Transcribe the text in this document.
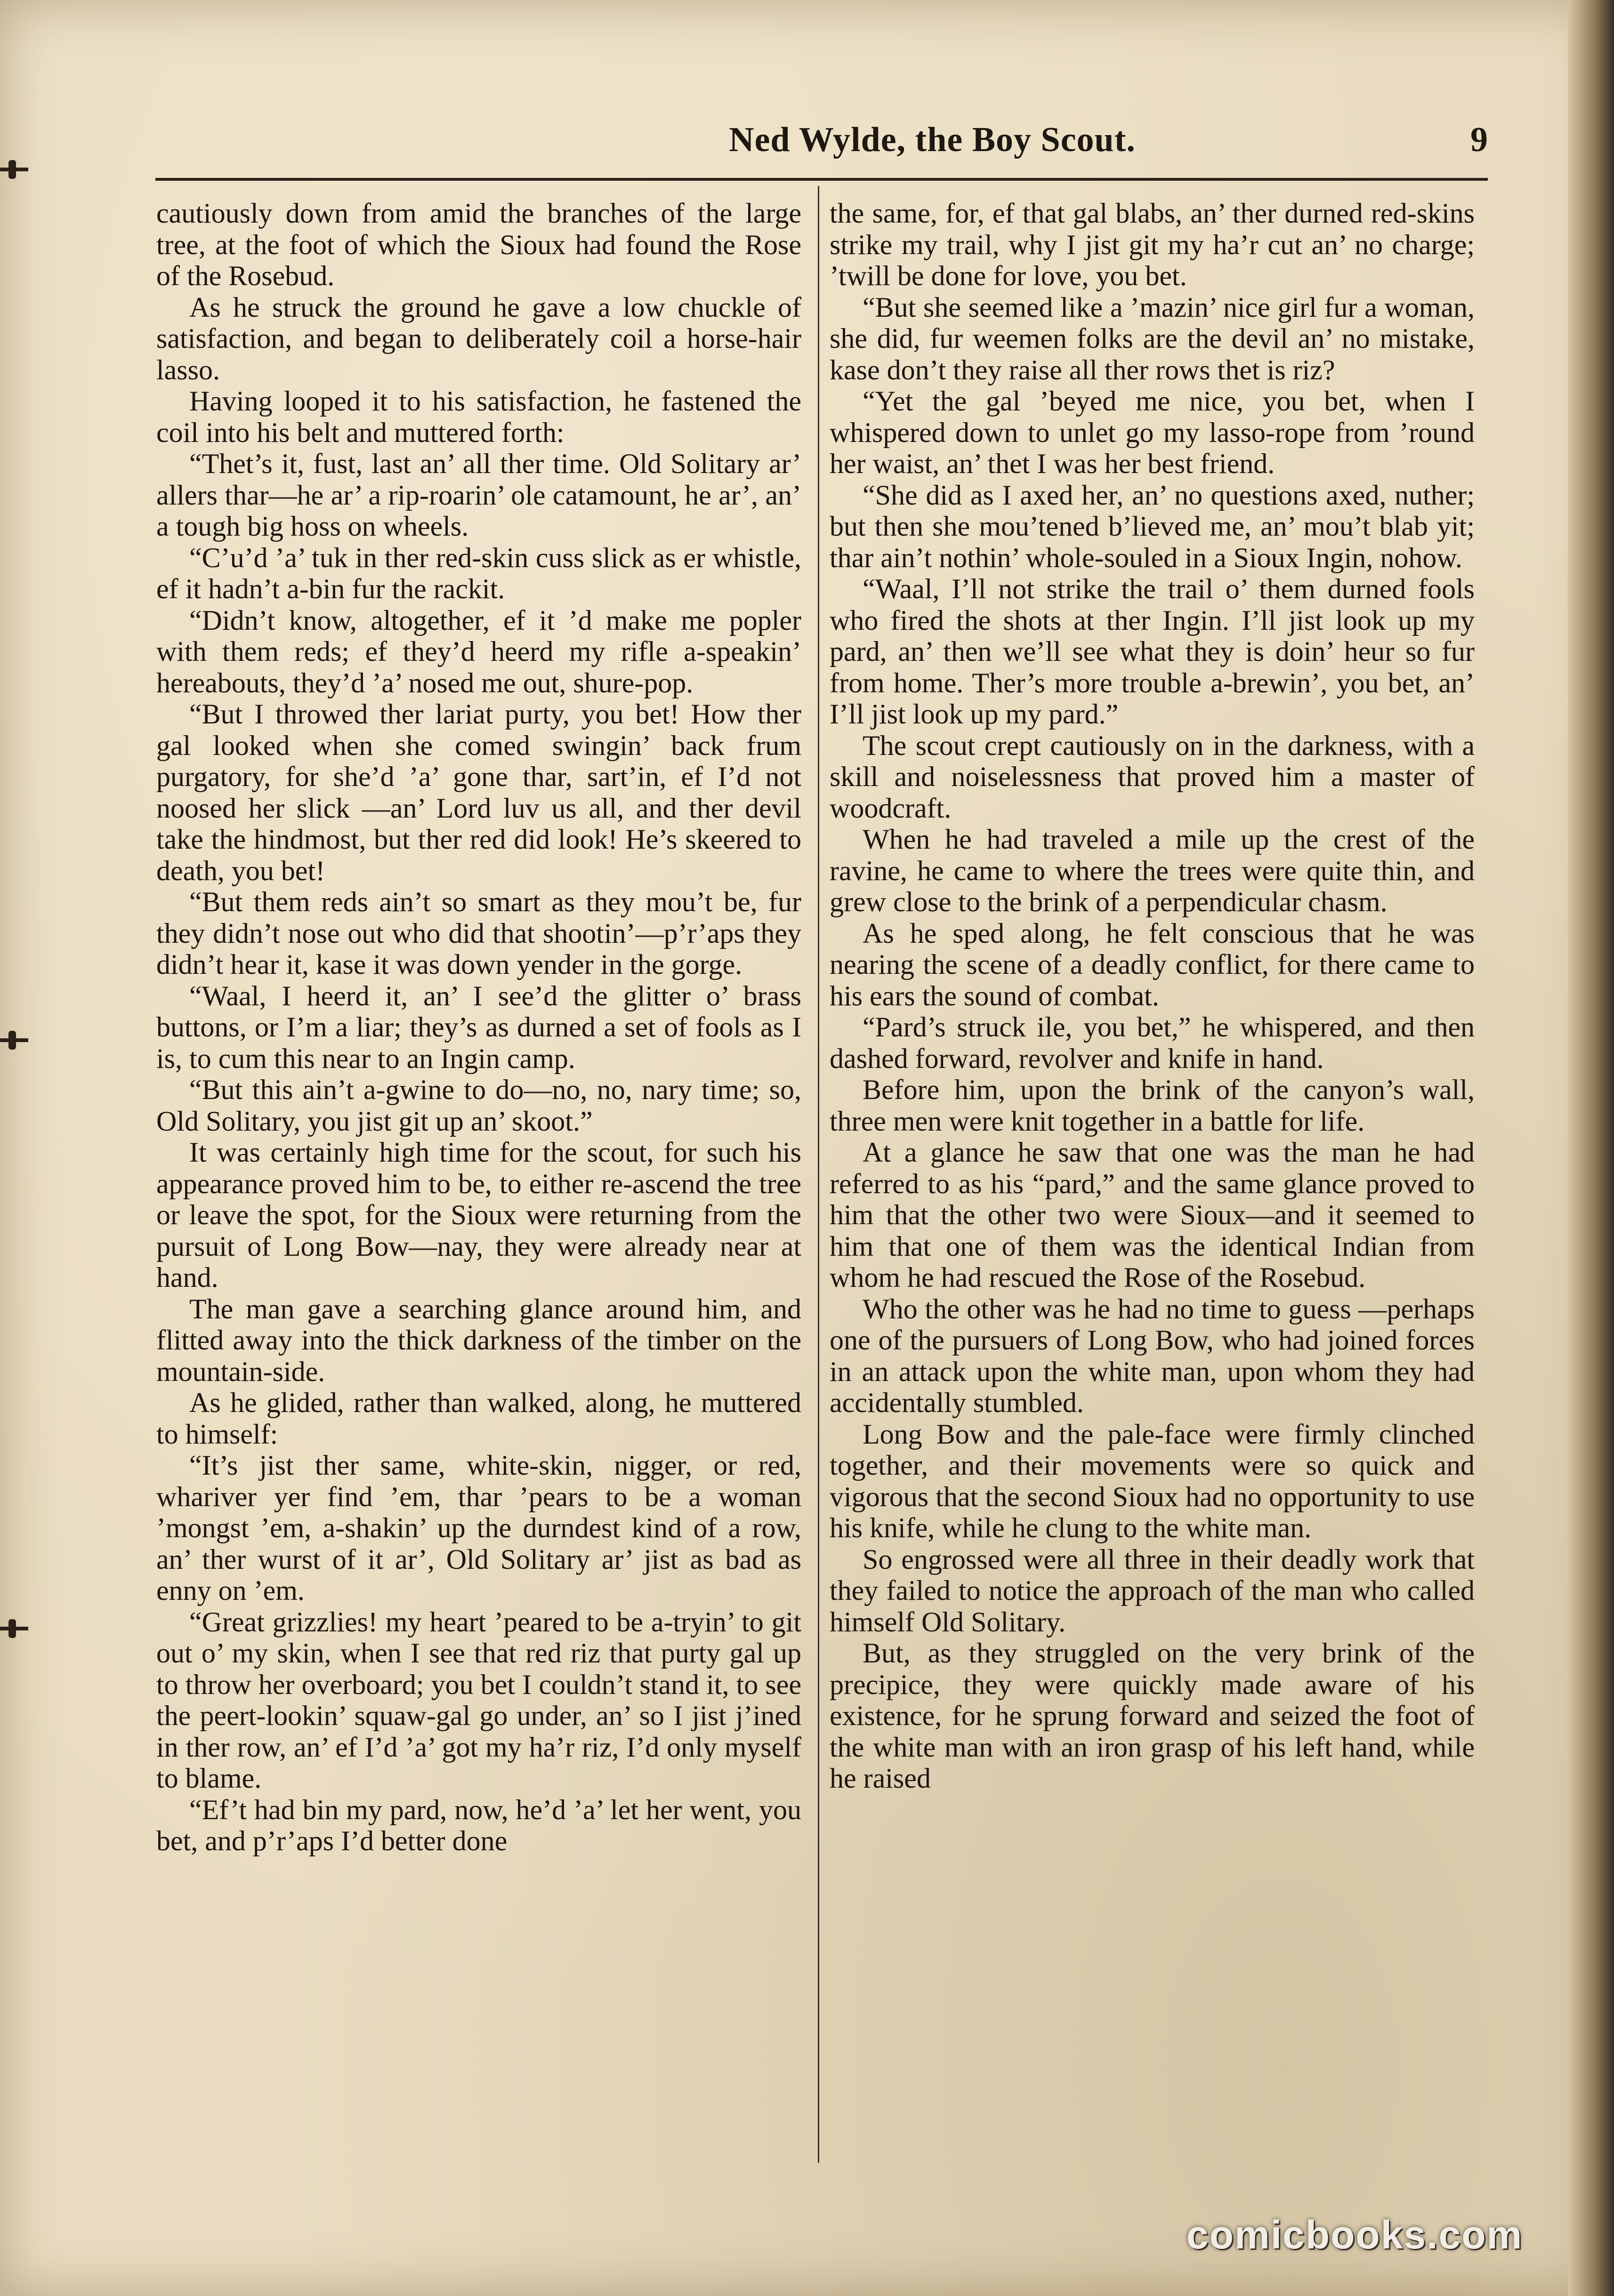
Ned Wylde, the Boy Scout.	9

cautiously down from amid the branches of the large tree, at the foot of which the Sioux had found the Rose of the Rosebud.

As he struck the ground he gave a low chuckle of satisfaction, and began to deliberately coil a horse-hair lasso.

Having looped it to his satisfaction, he fastened the coil into his belt and muttered forth:

“Thet’s it, fust, last an’ all ther time. Old Solitary ar’ allers thar—he ar’ a rip-roarin’ ole catamount, he ar’, an’ a tough big hoss on wheels.

“C’u’d ’a’ tuk in ther red-skin cuss slick as er whistle, ef it hadn’t a-bin fur the rackit.

“Didn’t know, altogether, ef it ’d make me popler with them reds; ef they’d heerd my rifle a-speakin’ hereabouts, they’d ’a’ nosed me out, shure-pop.

“But I throwed ther lariat purty, you bet! How ther gal looked when she comed swingin’ back frum purgatory, for she’d ’a’ gone thar, sart’in, ef I’d not noosed her slick —an’ Lord luv us all, and ther devil take the hindmost, but ther red did look! He’s skeered to death, you bet!

“But them reds ain’t so smart as they mou’t be, fur they didn’t nose out who did that shootin’—p’r’aps they didn’t hear it, kase it was down yender in the gorge.

“Waal, I heerd it, an’ I see’d the glitter o’ brass buttons, or I’m a liar; they’s as durned a set of fools as I is, to cum this near to an Ingin camp.

“But this ain’t a-gwine to do—no, no, nary time; so, Old Solitary, you jist git up an’ skoot.”

It was certainly high time for the scout, for such his appearance proved him to be, to either re-ascend the tree or leave the spot, for the Sioux were returning from the pursuit of Long Bow—nay, they were already near at hand.

The man gave a searching glance around him, and flitted away into the thick darkness of the timber on the mountain-side.

As he glided, rather than walked, along, he muttered to himself:

“It’s jist ther same, white-skin, nigger, or red, whariver yer find ’em, thar ’pears to be a woman ’mongst ’em, a-shakin’ up the durndest kind of a row, an’ ther wurst of it ar’, Old Solitary ar’ jist as bad as enny on ’em.

“Great grizzlies! my heart ’peared to be a-tryin’ to git out o’ my skin, when I see that red riz that purty gal up to throw her overboard; you bet I couldn’t stand it, to see the peert-lookin’ squaw-gal go under, an’ so I jist j’ined in ther row, an’ ef I’d ’a’ got my ha’r riz, I’d only myself to blame.

“Ef’t had bin my pard, now, he’d ’a’ let her went, you bet, and p’r’aps I’d better done

the same, for, ef that gal blabs, an’ ther durned red-skins strike my trail, why I jist git my ha’r cut an’ no charge; ’twill be done for love, you bet.

“But she seemed like a ’mazin’ nice girl fur a woman, she did, fur weemen folks are the devil an’ no mistake, kase don’t they raise all ther rows thet is riz?

“Yet the gal ’beyed me nice, you bet, when I whispered down to unlet go my lasso-rope from ’round her waist, an’ thet I was her best friend.

“She did as I axed her, an’ no questions axed, nuther; but then she mou’tened b’lieved me, an’ mou’t blab yit; thar ain’t nothin’ whole-souled in a Sioux Ingin, nohow.

“Waal, I’ll not strike the trail o’ them durned fools who fired the shots at ther Ingin. I’ll jist look up my pard, an’ then we’ll see what they is doin’ heur so fur from home. Ther’s more trouble a-brewin’, you bet, an’ I’ll jist look up my pard.”

The scout crept cautiously on in the darkness, with a skill and noiselessness that proved him a master of woodcraft.

When he had traveled a mile up the crest of the ravine, he came to where the trees were quite thin, and grew close to the brink of a perpendicular chasm.

As he sped along, he felt conscious that he was nearing the scene of a deadly conflict, for there came to his ears the sound of combat.

“Pard’s struck ile, you bet,” he whispered, and then dashed forward, revolver and knife in hand.

Before him, upon the brink of the canyon’s wall, three men were knit together in a battle for life.

At a glance he saw that one was the man he had referred to as his “pard,” and the same glance proved to him that the other two were Sioux—and it seemed to him that one of them was the identical Indian from whom he had rescued the Rose of the Rosebud.

Who the other was he had no time to guess —perhaps one of the pursuers of Long Bow, who had joined forces in an attack upon the white man, upon whom they had accidentally stumbled.

Long Bow and the pale-face were firmly clinched together, and their movements were so quick and vigorous that the second Sioux had no opportunity to use his knife, while he clung to the white man.

So engrossed were all three in their deadly work that they failed to notice the approach of the man who called himself Old Solitary.

But, as they struggled on the very brink of the precipice, they were quickly made aware of his existence, for he sprung forward and seized the foot of the white man with an iron grasp of his left hand, while he raised

comicbooks.com
